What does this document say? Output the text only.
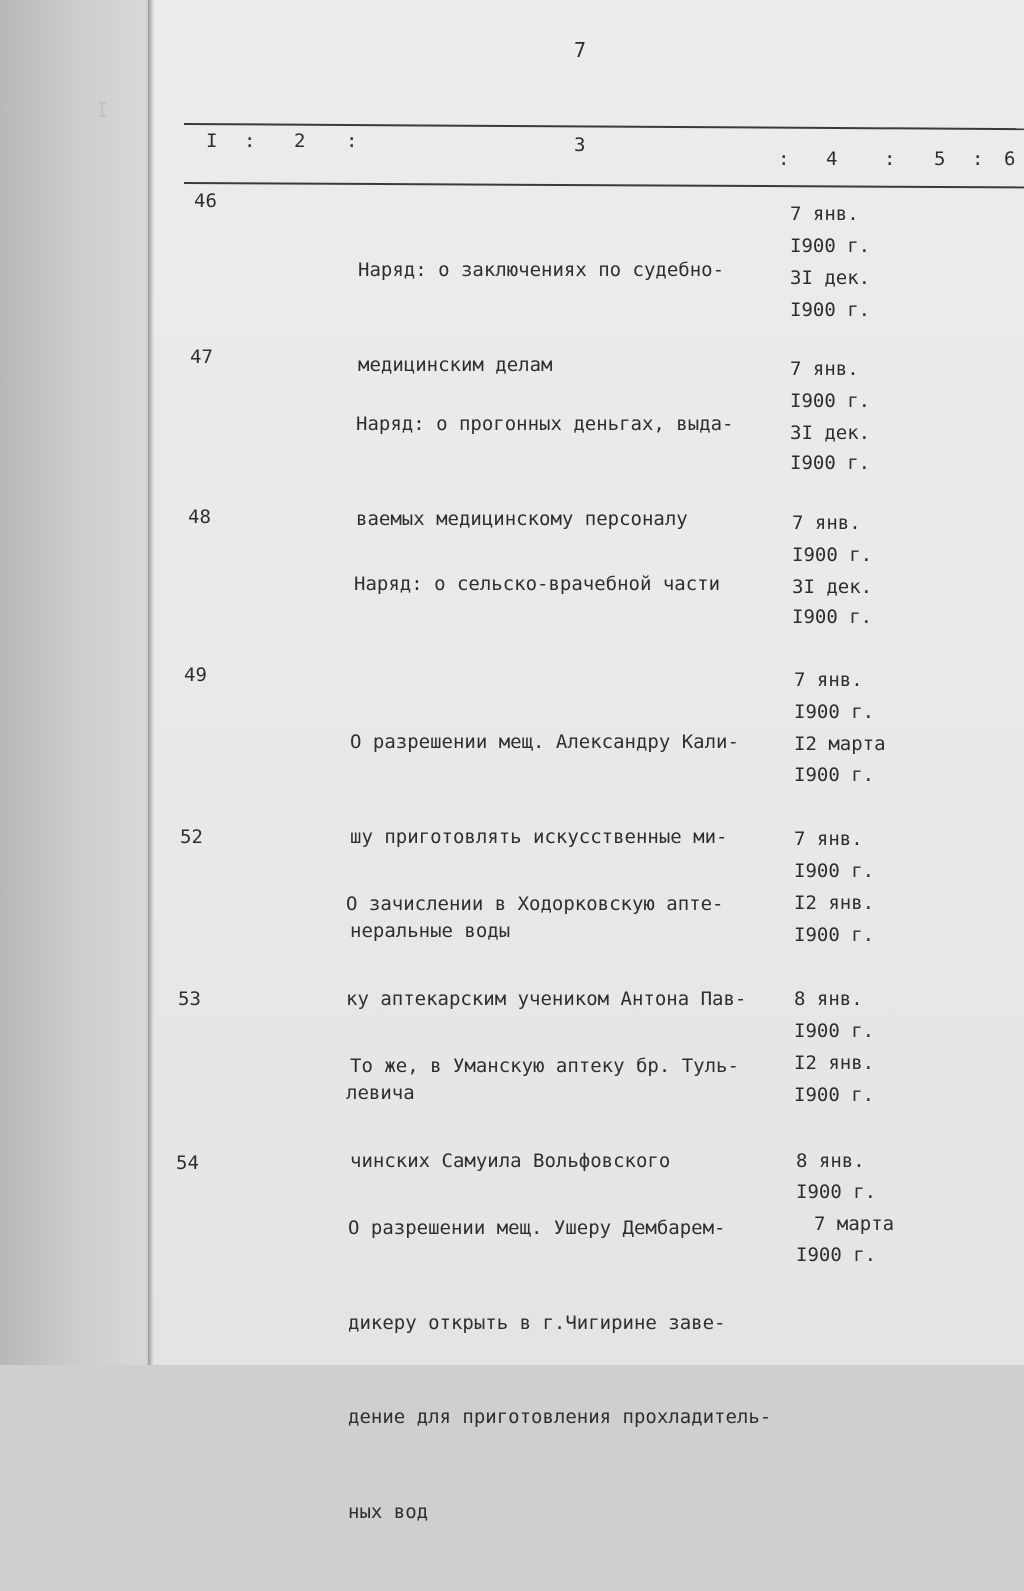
· : I
7
I : 2 :	3
: 4 : 5 : 6
46

Наряд: о заключениях по судебно-

медицинским делам

7 янв.
I900 г.
3I дек.
I900 г.
47

Наряд: о прогонных деньгах, выда-

ваемых медицинскому персоналу

7 янв.
I900 г.
3I дек.
I900 г.
48

Наряд: о сельско-врачебной части

7 янв.
I900 г.
3I дек.
I900 г.
49

О разрешении мещ. Александру Кали-

шу приготовлять искусственные ми-

неральные воды

7 янв.
I900 г.
I2 марта
I900 г.
52

О зачислении в Ходорковскую апте-

ку аптекарским учеником Антона Пав-

левича

7 янв.
I900 г.
I2 янв.
I900 г.
53

То же, в Уманскую аптеку бр. Туль-

чинских Самуила Вольфовского

8 янв.
I900 г.
I2 янв.
I900 г.
54

О разрешении мещ. Ушеру Дембарем-

дикеру открыть в г.Чигирине заве-

дение для приготовления прохладитель-

ных вод

8 янв.
I900 г.
7 марта
I900 г.
